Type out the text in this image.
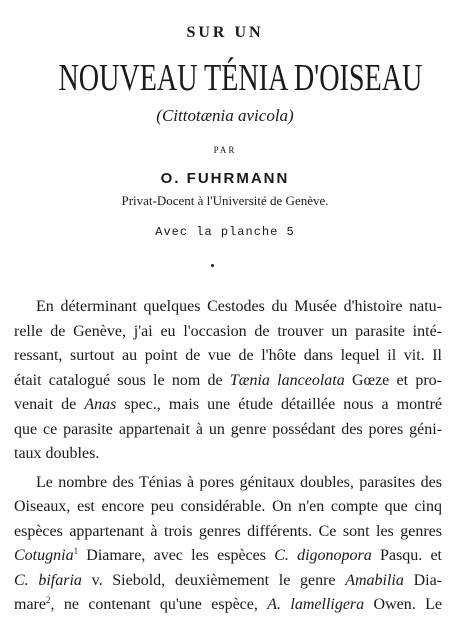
SUR UN
NOUVEAU TÉNIA D'OISEAU
(Cittotænia avicola)
PAR
O. FUHRMANN
Privat-Docent à l'Université de Genève.
Avec la planche 5
En déterminant quelques Cestodes du Musée d'histoire natu-
relle de Genève, j'ai eu l'occasion de trouver un parasite inté-
ressant, surtout au point de vue de l'hôte dans lequel il vit. Il
était catalogué sous le nom de Tænia lanceolata Gœze et pro-
venait de Anas spec., mais une étude détaillée nous a montré
que ce parasite appartenait à un genre possédant des pores géni-
taux doubles.
Le nombre des Ténias à pores génitaux doubles, parasites des
Oiseaux, est encore peu considérable. On n'en compte que cinq
espèces appartenant à trois genres différents. Ce sont les genres
Cotugnia$^1$ Diamare, avec les espèces C. digonopora Pasqu. et
C. bifaria v. Siebold, deuxièmement le genre Amabilia Dia-
mare$^2$, ne contenant qu'une espèce, A. lamelligera Owen. Le
